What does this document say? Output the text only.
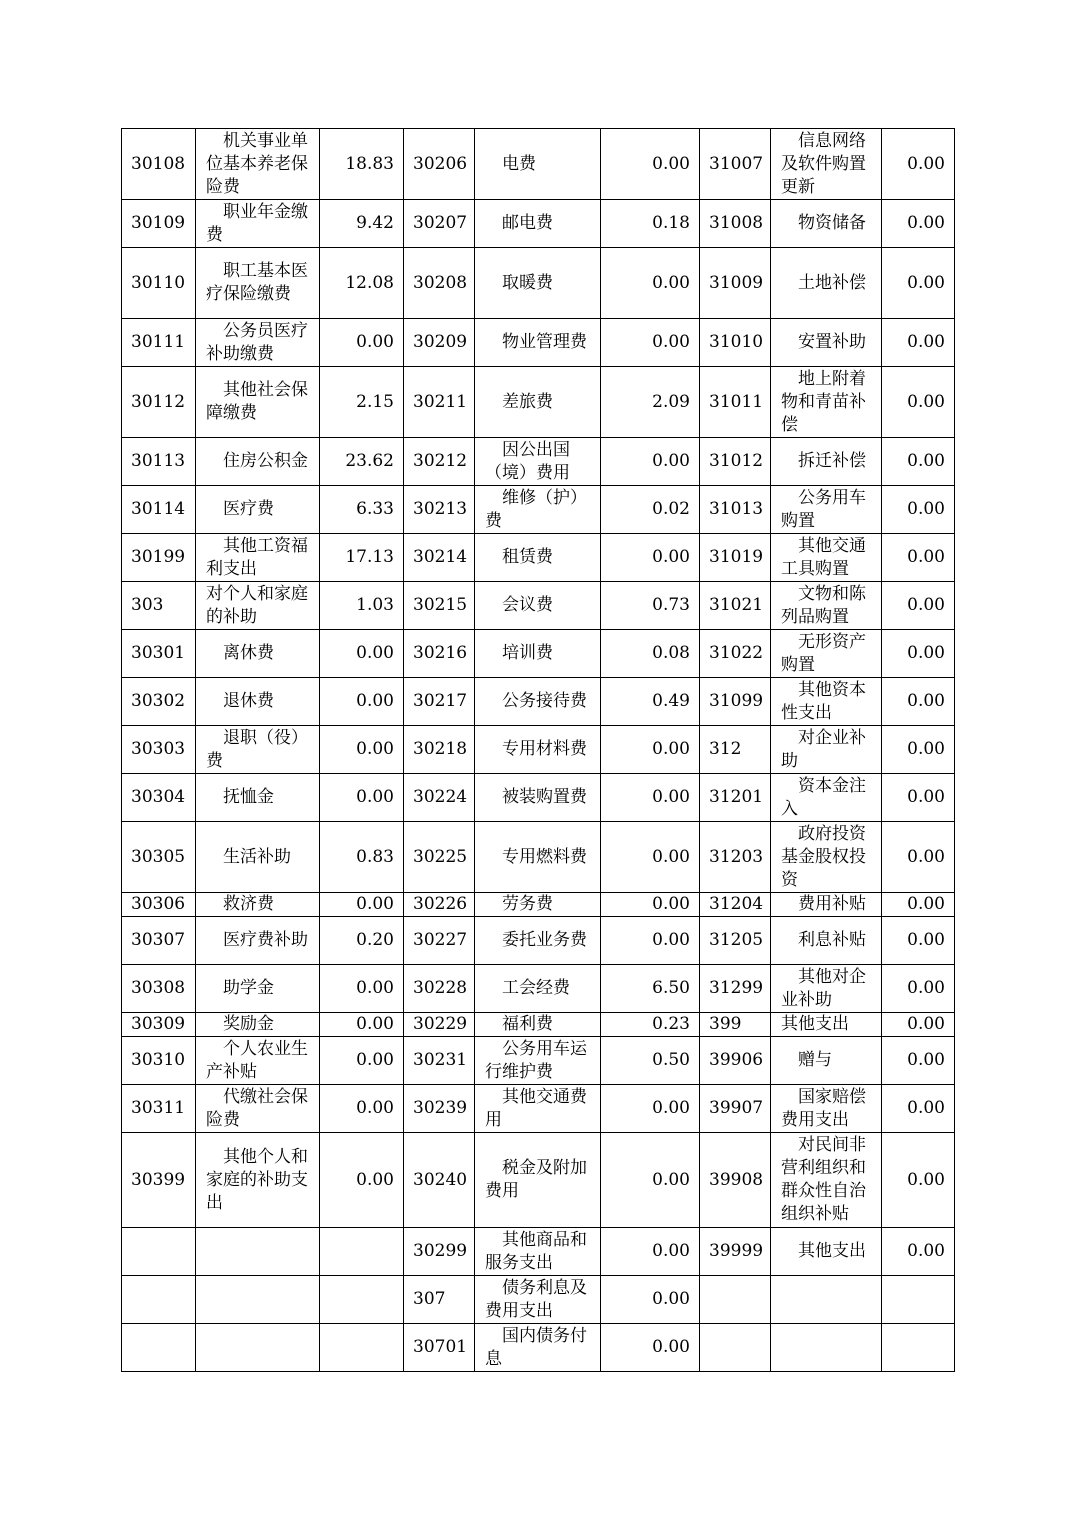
30108	机关事业单位基本养老保险费	18.83	30206	电费	0.00	31007	信息网络及软件购置更新	0.00
30109	职业年金缴费	9.42	30207	邮电费	0.18	31008	物资储备	0.00
30110	职工基本医疗保险缴费	12.08	30208	取暖费	0.00	31009	土地补偿	0.00
30111	公务员医疗补助缴费	0.00	30209	物业管理费	0.00	31010	安置补助	0.00
30112	其他社会保障缴费	2.15	30211	差旅费	2.09	31011	地上附着物和青苗补偿	0.00
30113	住房公积金	23.62	30212	因公出国（境）费用	0.00	31012	拆迁补偿	0.00
30114	医疗费	6.33	30213	维修（护）费	0.02	31013	公务用车购置	0.00
30199	其他工资福利支出	17.13	30214	租赁费	0.00	31019	其他交通工具购置	0.00
303	对个人和家庭的补助	1.03	30215	会议费	0.73	31021	文物和陈列品购置	0.00
30301	离休费	0.00	30216	培训费	0.08	31022	无形资产购置	0.00
30302	退休费	0.00	30217	公务接待费	0.49	31099	其他资本性支出	0.00
30303	退职（役）费	0.00	30218	专用材料费	0.00	312	对企业补助	0.00
30304	抚恤金	0.00	30224	被装购置费	0.00	31201	资本金注入	0.00
30305	生活补助	0.83	30225	专用燃料费	0.00	31203	政府投资基金股权投资	0.00
30306	救济费	0.00	30226	劳务费	0.00	31204	费用补贴	0.00
30307	医疗费补助	0.20	30227	委托业务费	0.00	31205	利息补贴	0.00
30308	助学金	0.00	30228	工会经费	6.50	31299	其他对企业补助	0.00
30309	奖励金	0.00	30229	福利费	0.23	399	其他支出	0.00
30310	个人农业生产补贴	0.00	30231	公务用车运行维护费	0.50	39906	赠与	0.00
30311	代缴社会保险费	0.00	30239	其他交通费用	0.00	39907	国家赔偿费用支出	0.00
30399	其他个人和家庭的补助支出	0.00	30240	税金及附加费用	0.00	39908	对民间非营利组织和群众性自治组织补贴	0.00

		30299	其他商品和服务支出	0.00	39999	其他支出	0.00

		307	债务利息及费用支出	0.00		

		30701	国内债务付息	0.00		
